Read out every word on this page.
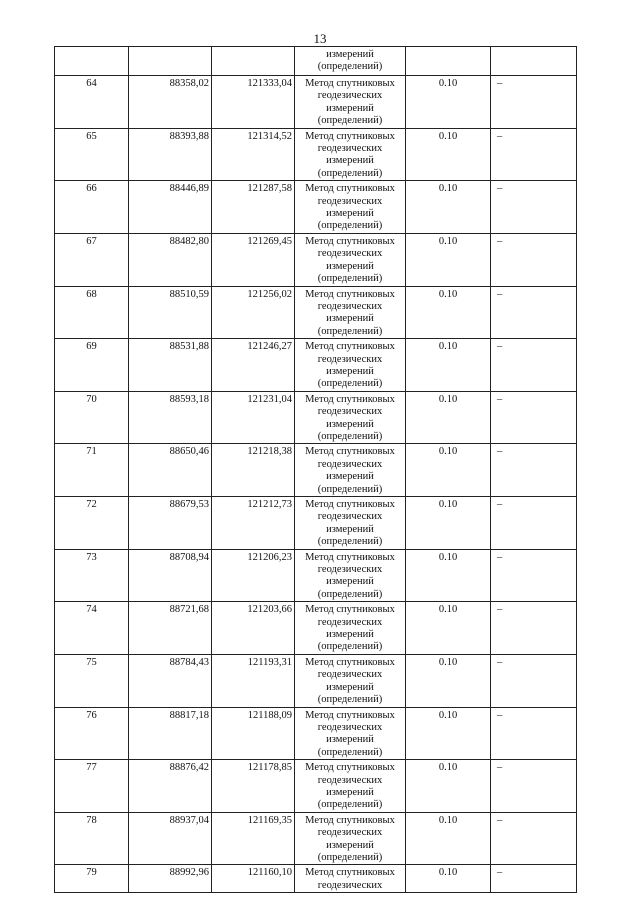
13

			измерений
(определений)		

64	88358,02	121333,04	Метод спутниковых
геодезических
измерений
(определений)	0.10	–
65	88393,88	121314,52	Метод спутниковых
геодезических
измерений
(определений)	0.10	–
66	88446,89	121287,58	Метод спутниковых
геодезических
измерений
(определений)	0.10	–
67	88482,80	121269,45	Метод спутниковых
геодезических
измерений
(определений)	0.10	–
68	88510,59	121256,02	Метод спутниковых
геодезических
измерений
(определений)	0.10	–
69	88531,88	121246,27	Метод спутниковых
геодезических
измерений
(определений)	0.10	–
70	88593,18	121231,04	Метод спутниковых
геодезических
измерений
(определений)	0.10	–
71	88650,46	121218,38	Метод спутниковых
геодезических
измерений
(определений)	0.10	–
72	88679,53	121212,73	Метод спутниковых
геодезических
измерений
(определений)	0.10	–
73	88708,94	121206,23	Метод спутниковых
геодезических
измерений
(определений)	0.10	–
74	88721,68	121203,66	Метод спутниковых
геодезических
измерений
(определений)	0.10	–
75	88784,43	121193,31	Метод спутниковых
геодезических
измерений
(определений)	0.10	–
76	88817,18	121188,09	Метод спутниковых
геодезических
измерений
(определений)	0.10	–
77	88876,42	121178,85	Метод спутниковых
геодезических
измерений
(определений)	0.10	–
78	88937,04	121169,35	Метод спутниковых
геодезических
измерений
(определений)	0.10	–
79	88992,96	121160,10	Метод спутниковых
геодезических	0.10	–
